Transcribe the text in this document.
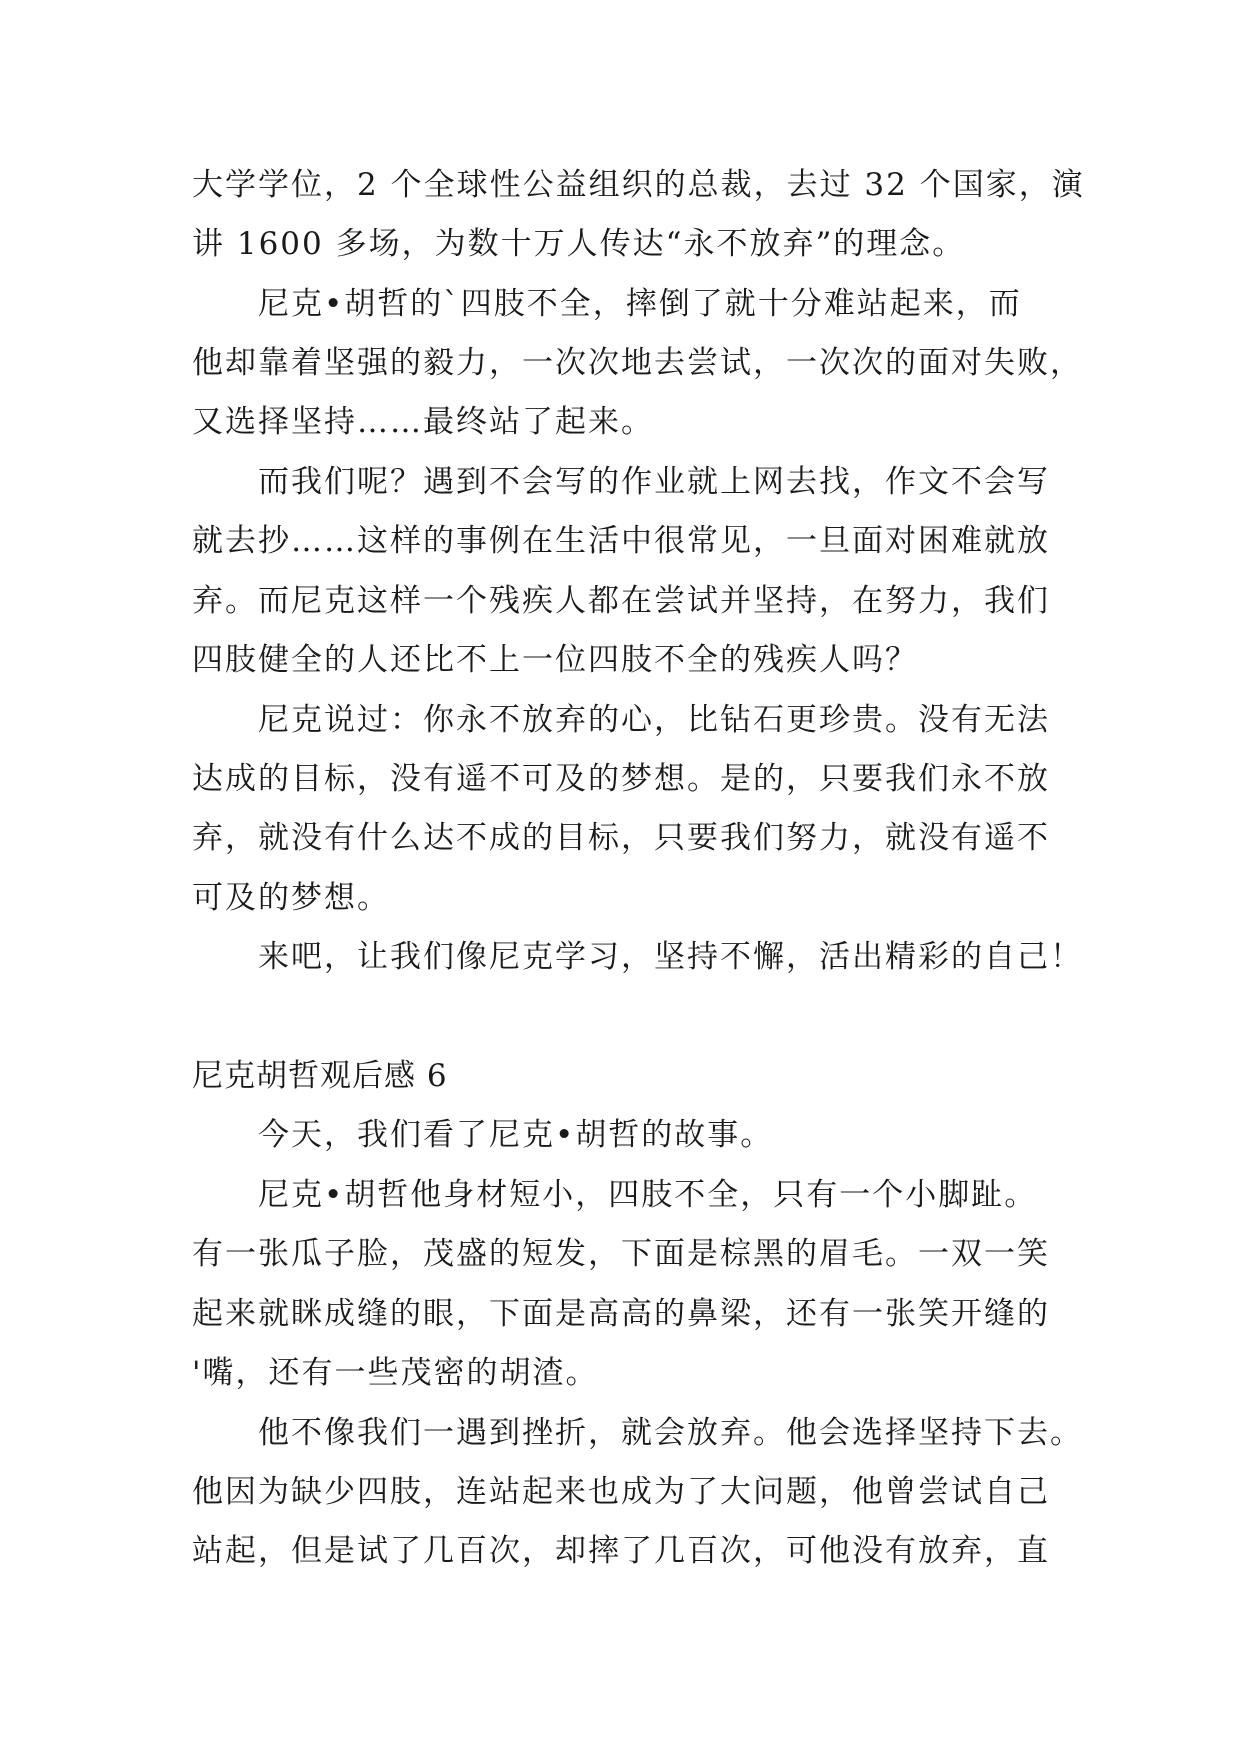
大学学位，2 个全球性公益组织的总裁，去过 32 个国家，演
讲 1600 多场，为数十万人传达“永不放弃”的理念。
尼克•胡哲的`四肢不全，摔倒了就十分难站起来，而
他却靠着坚强的毅力，一次次地去尝试，一次次的面对失败，
又选择坚持……最终站了起来。
而我们呢？遇到不会写的作业就上网去找，作文不会写
就去抄……这样的事例在生活中很常见，一旦面对困难就放
弃。而尼克这样一个残疾人都在尝试并坚持，在努力，我们
四肢健全的人还比不上一位四肢不全的残疾人吗？
尼克说过：你永不放弃的心，比钻石更珍贵。没有无法
达成的目标，没有遥不可及的梦想。是的，只要我们永不放
弃，就没有什么达不成的目标，只要我们努力，就没有遥不
可及的梦想。
来吧，让我们像尼克学习，坚持不懈，活出精彩的自己！
尼克胡哲观后感 6
今天，我们看了尼克•胡哲的故事。
尼克•胡哲他身材短小，四肢不全，只有一个小脚趾。
有一张瓜子脸，茂盛的短发，下面是棕黑的眉毛。一双一笑
起来就眯成缝的眼，下面是高高的鼻梁，还有一张笑开缝的
'嘴，还有一些茂密的胡渣。
他不像我们一遇到挫折，就会放弃。他会选择坚持下去。
他因为缺少四肢，连站起来也成为了大问题，他曾尝试自己
站起，但是试了几百次，却摔了几百次，可他没有放弃，直
